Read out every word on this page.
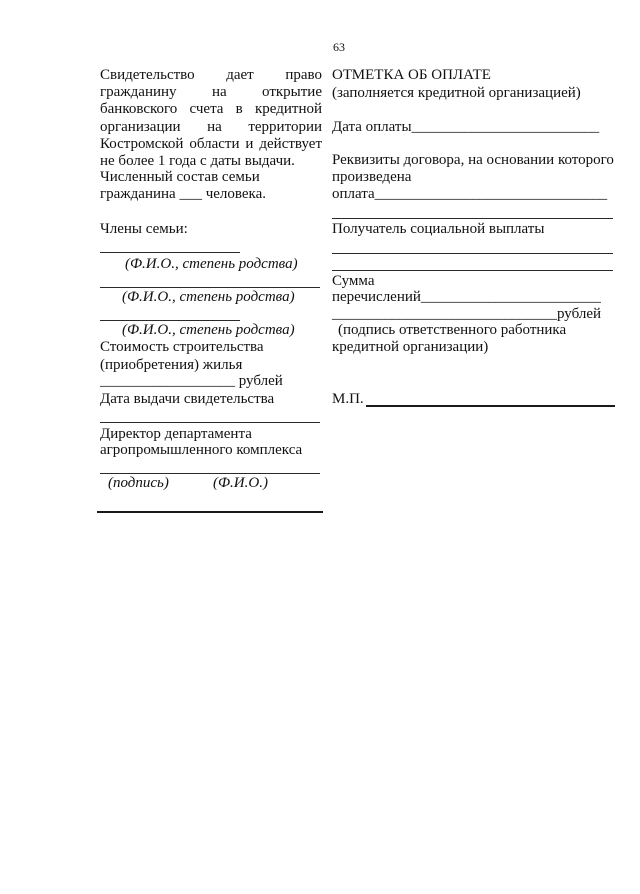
63
Свидетельство дает право
гражданину на открытие
банковского счета в кредитной
организации на территории
Костромской области и действует
не более 1 года с даты выдачи.
Численный состав семьи
гражданина ___ человека.
Члены семьи:
(Ф.И.О., степень родства)
(Ф.И.О., степень родства)
(Ф.И.О., степень родства)
Стоимость строительства
(приобретения) жилья
__________________ рублей
Дата выдачи свидетельства
Директор департамента
агропромышленного комплекса
(подпись)	(Ф.И.О.)
ОТМЕТКА ОБ ОПЛАТЕ
(заполняется кредитной организацией)
Дата оплаты_________________________
Реквизиты договора, на основании которого
произведена
оплата_______________________________
Получатель социальной выплаты
Сумма
перечислений________________________
______________________________рублей
(подпись ответственного работника
кредитной организации)
М.П.
